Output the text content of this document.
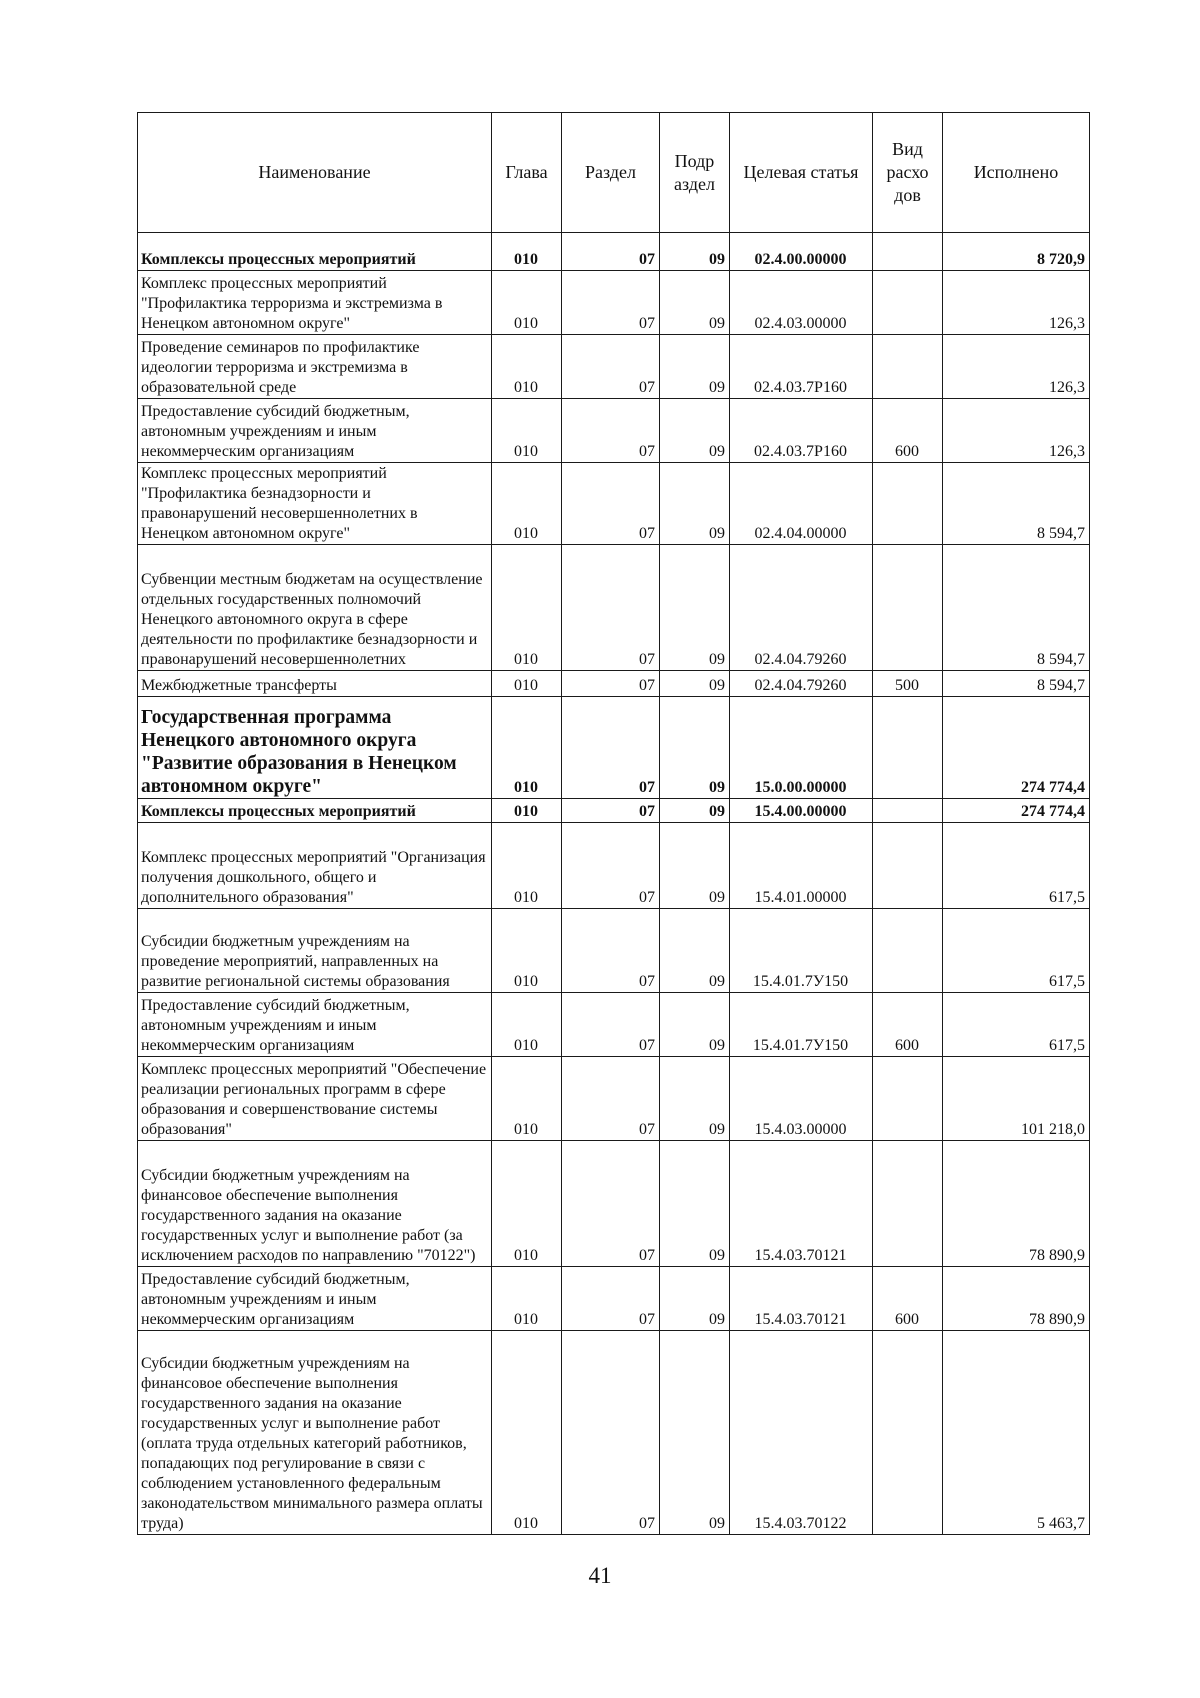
Наименование	Глава	Раздел	Подр аздел	Целевая статья	Вид расхо дов	Исполнено
Комплексы процессных мероприятий	010	07	09	02.4.00.00000		8 720,9
Комплекс процессных мероприятий "Профилактика терроризма и экстремизма в Ненецком автономном округе"	010	07	09	02.4.03.00000		126,3
Проведение семинаров по профилактике идеологии терроризма и экстремизма в образовательной среде	010	07	09	02.4.03.7Р160		126,3
Предоставление субсидий бюджетным, автономным учреждениям и иным некоммерческим организациям	010	07	09	02.4.03.7Р160	600	126,3
Комплекс процессных мероприятий "Профилактика безнадзорности и правонарушений несовершеннолетних в Ненецком автономном округе"	010	07	09	02.4.04.00000		8 594,7
Субвенции местным бюджетам на осуществление отдельных государственных полномочий Ненецкого автономного округа в сфере деятельности по профилактике безнадзорности и правонарушений несовершеннолетних	010	07	09	02.4.04.79260		8 594,7
Межбюджетные трансферты	010	07	09	02.4.04.79260	500	8 594,7
Государственная программа Ненецкого автономного округа "Развитие образования в Ненецком автономном округе"	010	07	09	15.0.00.00000		274 774,4
Комплексы процессных мероприятий	010	07	09	15.4.00.00000		274 774,4
Комплекс процессных мероприятий "Организация получения дошкольного, общего и дополнительного образования"	010	07	09	15.4.01.00000		617,5
Субсидии бюджетным учреждениям на проведение мероприятий, направленных на развитие региональной системы образования	010	07	09	15.4.01.7У150		617,5
Предоставление субсидий бюджетным, автономным учреждениям и иным некоммерческим организациям	010	07	09	15.4.01.7У150	600	617,5
Комплекс процессных мероприятий "Обеспечение реализации региональных программ в сфере образования и совершенствование системы образования"	010	07	09	15.4.03.00000		101 218,0
Субсидии бюджетным учреждениям на финансовое обеспечение выполнения государственного задания на оказание государственных услуг и выполнение работ (за исключением расходов по направлению "70122")	010	07	09	15.4.03.70121		78 890,9
Предоставление субсидий бюджетным, автономным учреждениям и иным некоммерческим организациям	010	07	09	15.4.03.70121	600	78 890,9
Субсидии бюджетным учреждениям на финансовое обеспечение выполнения государственного задания на оказание государственных услуг и выполнение работ (оплата труда отдельных категорий работников, попадающих под регулирование в связи с соблюдением установленного федеральным законодательством минимального размера оплаты труда)	010	07	09	15.4.03.70122		5 463,7
41
